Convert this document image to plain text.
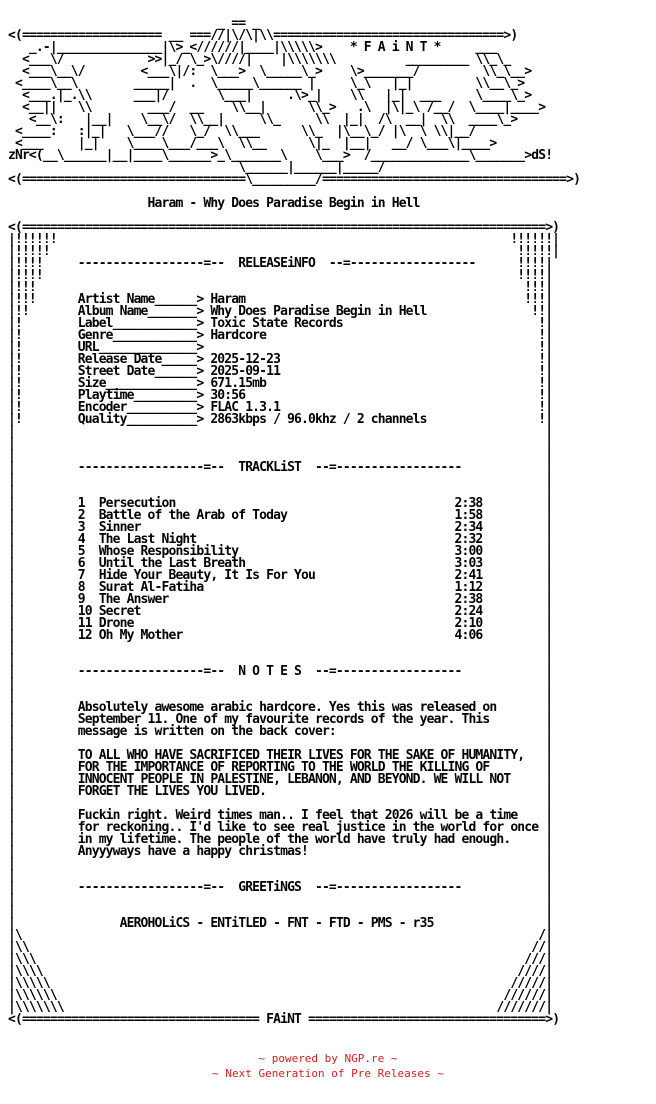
_ == _
<(==================== __ ===//|\/\|\\=================================>)
_.-|_______________|\>_<//////|____|\\\\\>    * F A i N T *     ___
<___\/            >>|_/ \_>\////|    |\\\\\\\          _________ \\_\_
<___\__\/        <___\|/:  \___>  \_____\_>    \>_______/         \\_\__>
<____\__\        _____|  .  \_____\______ |     \_\   |_|         \\__\_>
<___.|_.\\      ___|/       \___|     .\>_|    \\   |_|  ___     \____\_>
<__||   \\        ___/  __    \\__|      \\_>   .\  |\|_\ /__/  \____|____>
<__\:   |__|    \__\/  \\__|     \\_     \\  |_|  /\  __|  \\  ____\_>
<____:   :|_|   \___//   \_/  \\___      \\_  |\__\_/ |\  \ \\|__/
<___     |_|    \____\___/___\  \\__      \|_  |__|   __/ \___\|____>
zNr<(__\______|__|____\______>_\_______\    \___>  /______________\_______>dS!
\______|______|_____/
<(================================\_________/===================================>)
Haram - Why Does Paradise Begin in Hell
<(===========================================================================>)
|!!!!!!                                                                 !!!!!!|
|!!!!!                                                                   !!!!!|
|!!!!     ------------------=--  RELEASEiNFO  --=------------------      !!!!|
|!!!!                                                                    !!!!|
|!!!                                                                      !!!|
|!!!      Artist Name______> Haram                                        !!!|
|!!       Album Name_______> Why Does Paradise Begin in Hell               !!|
|!        Label____________> Toxic State Records                            !|
|!        Genre____________> Hardcore                                       !|
|!        URL______________>                                                !|
|!        Release Date_____> 2025-12-23                                     !|
|!        Street Date______> 2025-09-11                                     !|
|!        Size_____________> 671.15mb                                       !|
|!        Playtime_________> 30:56                                          !|
|!        Encoder__________> FLAC 1.3.1                                     !|
|!        Quality__________> 2863kbps / 96.0khz / 2 channels                !|
|                                                                            |
|                                                                            |
|                                                                            |
|         ------------------=--  TRACKLiST  --=------------------            |
|                                                                            |
|                                                                            |
|         1  Persecution                                        2:38         |
|         2  Battle of the Arab of Today                        1:58         |
|         3  Sinner                                             2:34         |
|         4  The Last Night                                     2:32         |
|         5  Whose Responsibility                               3:00         |
|         6  Until the Last Breath                              3:03         |
|         7  Hide Your Beauty, It Is For You                    2:41         |
|         8  Surat Al-Fatiha                                    1:12         |
|         9  The Answer                                         2:38         |
|         10 Secret                                             2:24         |
|         11 Drone                                              2:10         |
|         12 Oh My Mother                                       4:06         |
|                                                                            |
|                                                                            |
|         ------------------=--  N O T E S  --=------------------            |
|                                                                            |
|                                                                            |
|         Absolutely awesome arabic hardcore. Yes this was released on       |
|         September 11. One of my favourite records of the year. This        |
|         message is written on the back cover:                              |
|                                                                            |
|         TO ALL WHO HAVE SACRIFICED THEIR LIVES FOR THE SAKE OF HUMANITY,   |
|         FOR THE IMPORTANCE OF REPORTING TO THE WORLD THE KILLING OF        |
|         INNOCENT PEOPLE IN PALESTINE, LEBANON, AND BEYOND. WE WILL NOT     |
|         FORGET THE LIVES YOU LIVED.                                        |
|                                                                            |
|         Fuckin right. Weird times man.. I feel that 2026 will be a time    |
|         for reckoning.. I'd like to see real justice in the world for once |
|         in my lifetime. The people of the world have truly had enough.     |
|         Anyyyways have a happy christmas!                                  |
|                                                                            |
|                                                                            |
|         ------------------=--  GREETiNGS  --=------------------            |
|                                                                            |
|                                                                            |
|               AEROHOLiCS - ENTiTLED - FNT - FTD - PMS - r35                |
|\                                                                          /|
|\\                                                                        //|
|\\\                                                                      ///|
|\\\\                                                                    ////|
|\\\\\                                                                  /////|
|\\\\\\                                                                //////|
|\\\\\\\                                                              ///////|
<(================================== FAiNT ==================================>)
~ powered by NGP.re ~
~ Next Generation of Pre Releases ~
